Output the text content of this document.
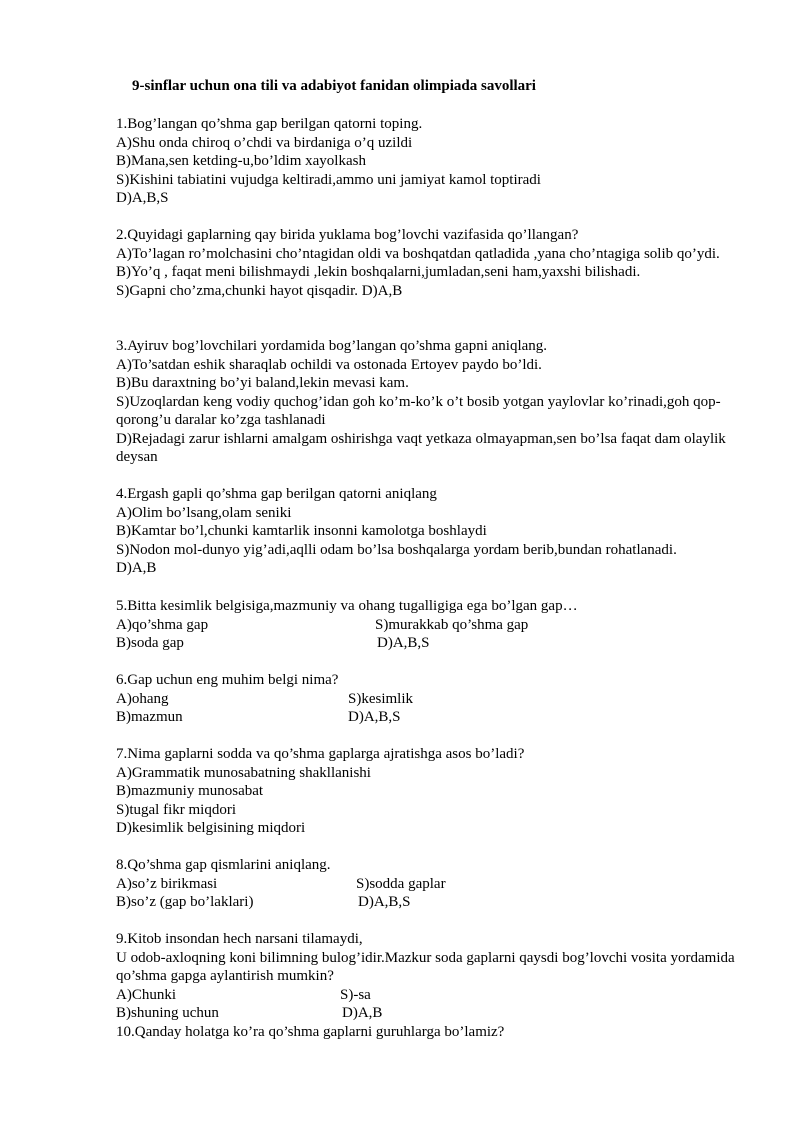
9-sinflar uchun ona tili va adabiyot fanidan olimpiada savollari
1.Bog’langan qo’shma gap berilgan qatorni toping.
A)Shu onda chiroq o’chdi va birdaniga o’q uzildi
B)Mana,sen ketding-u,bo’ldim xayolkash
S)Kishini tabiatini vujudga keltiradi,ammo uni jamiyat kamol toptiradi
D)A,B,S
2.Quyidagi gaplarning qay birida yuklama bog’lovchi vazifasida qo’llangan?
A)To’lagan ro’molchasini cho’ntagidan oldi va boshqatdan qatladida ,yana cho’ntagiga solib qo’ydi.
B)Yo’q , faqat meni bilishmaydi ,lekin boshqalarni,jumladan,seni ham,yaxshi bilishadi.
S)Gapni cho’zma,chunki hayot qisqadir. D)A,B
3.Ayiruv bog’lovchilari yordamida bog’langan qo’shma gapni aniqlang.
A)To’satdan eshik sharaqlab ochildi va ostonada Ertoyev paydo bo’ldi.
B)Bu daraxtning bo’yi baland,lekin mevasi kam.
S)Uzoqlardan keng vodiy quchog’idan goh ko’m-ko’k o’t bosib yotgan yaylovlar ko’rinadi,goh qop-qorong’u daralar ko’zga tashlanadi
D)Rejadagi zarur ishlarni amalgam oshirishga vaqt yetkaza olmayapman,sen bo’lsa faqat dam olaylik deysan
4.Ergash gapli qo’shma gap berilgan qatorni aniqlang
A)Olim bo’lsang,olam seniki
B)Kamtar bo’l,chunki kamtarlik insonni kamolotga boshlaydi
S)Nodon mol-dunyo yig’adi,aqlli odam bo’lsa boshqalarga yordam berib,bundan rohatlanadi.
D)A,B
5.Bitta kesimlik belgisiga,mazmuniy va ohang tugalligiga ega bo’lgan gap…
A)qo’shma gap	S)murakkab qo’shma gap
B)soda gap	D)A,B,S
6.Gap uchun eng muhim belgi nima?
A)ohang	S)kesimlik
B)mazmun	D)A,B,S
7.Nima gaplarni sodda va qo’shma gaplarga ajratishga asos bo’ladi?
A)Grammatik munosabatning shakllanishi
B)mazmuniy munosabat
S)tugal fikr miqdori
D)kesimlik belgisining miqdori
8.Qo’shma gap qismlarini aniqlang.
A)so’z birikmasi	S)sodda gaplar
B)so’z (gap bo’laklari)	D)A,B,S
9.Kitob insondan hech narsani tilamaydi,
U odob-axloqning koni bilimning bulog’idir.Mazkur soda gaplarni qaysdi bog’lovchi vosita yordamida qo’shma gapga aylantirish mumkin?
A)Chunki	S)-sa
B)shuning uchun	D)A,B
10.Qanday holatga ko’ra qo’shma gaplarni guruhlarga bo’lamiz?
